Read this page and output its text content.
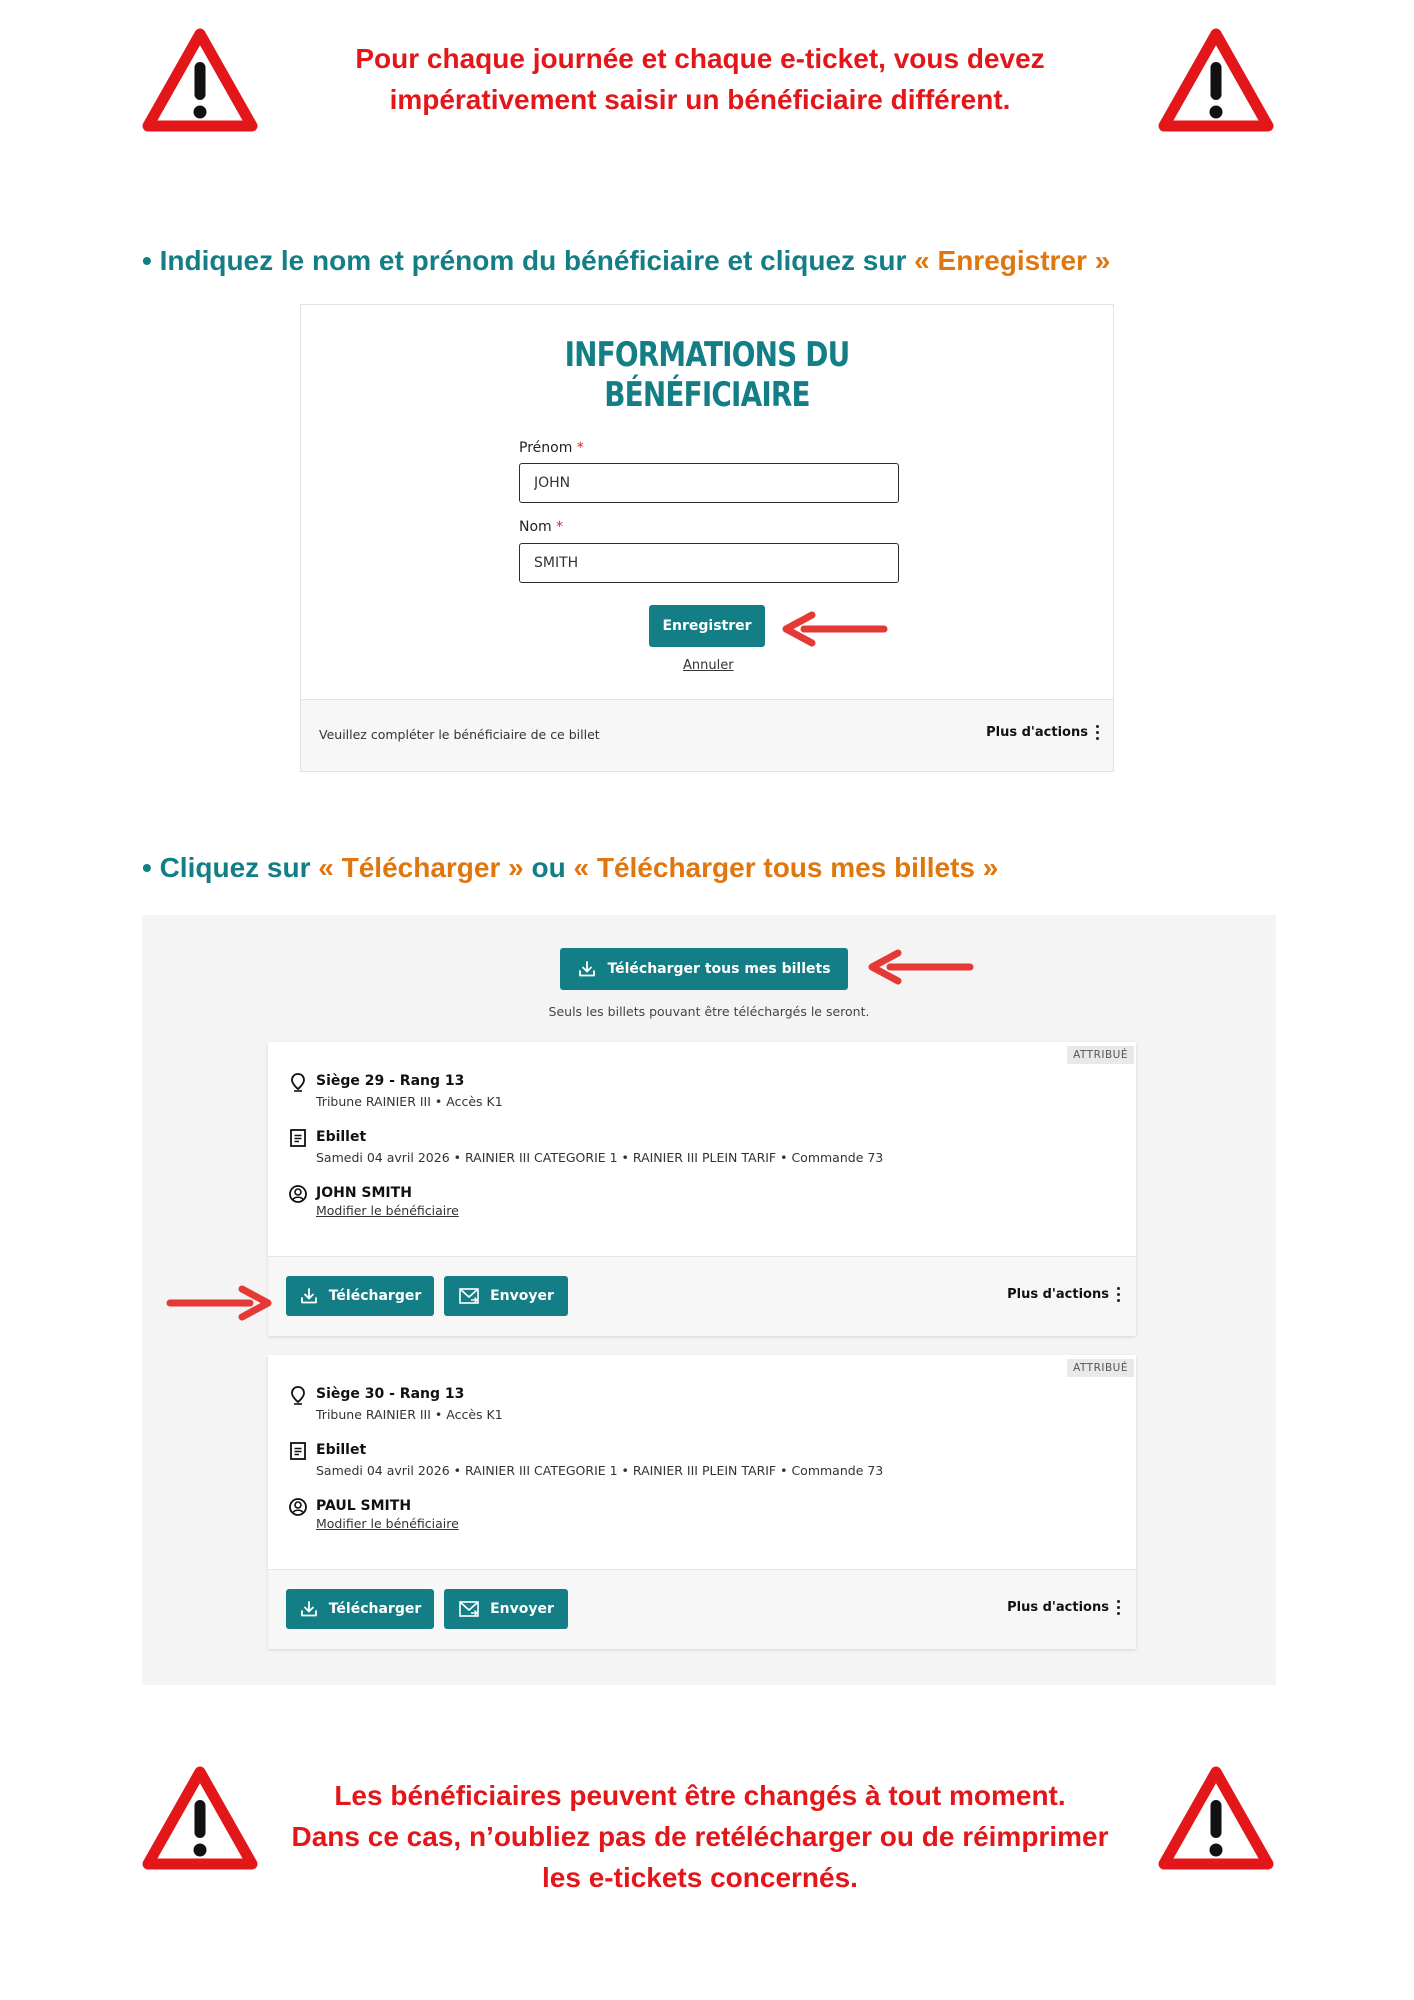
Pour chaque journée et chaque e-ticket, vous devez
impérativement saisir un bénéficiaire différent.
• Indiquez le nom et prénom du bénéficiaire et cliquez sur « Enregistrer »
INFORMATIONS DU
BÉNÉFICIAIRE
Prénom *
JOHN
Nom *
SMITH
Enregistrer
Annuler
Veuillez compléter le bénéficiaire de ce billet	Plus d'actions
• Cliquez sur « Télécharger » ou « Télécharger tous mes billets »
Télécharger tous mes billets
Seuls les billets pouvant être téléchargés le seront.
ATTRIBUÉ
Siège 29 - Rang 13
Tribune RAINIER III • Accès K1
Ebillet
Samedi 04 avril 2026 • RAINIER III CATEGORIE 1 • RAINIER III PLEIN TARIF • Commande 73
JOHN SMITH
Modifier le bénéficiaire
Télécharger	Envoyer	Plus d'actions
ATTRIBUÉ
Siège 30 - Rang 13
Tribune RAINIER III • Accès K1
Ebillet
Samedi 04 avril 2026 • RAINIER III CATEGORIE 1 • RAINIER III PLEIN TARIF • Commande 73
PAUL SMITH
Modifier le bénéficiaire
Télécharger	Envoyer	Plus d'actions
Les bénéficiaires peuvent être changés à tout moment.
Dans ce cas, n’oubliez pas de retélécharger ou de réimprimer
les e-tickets concernés.
